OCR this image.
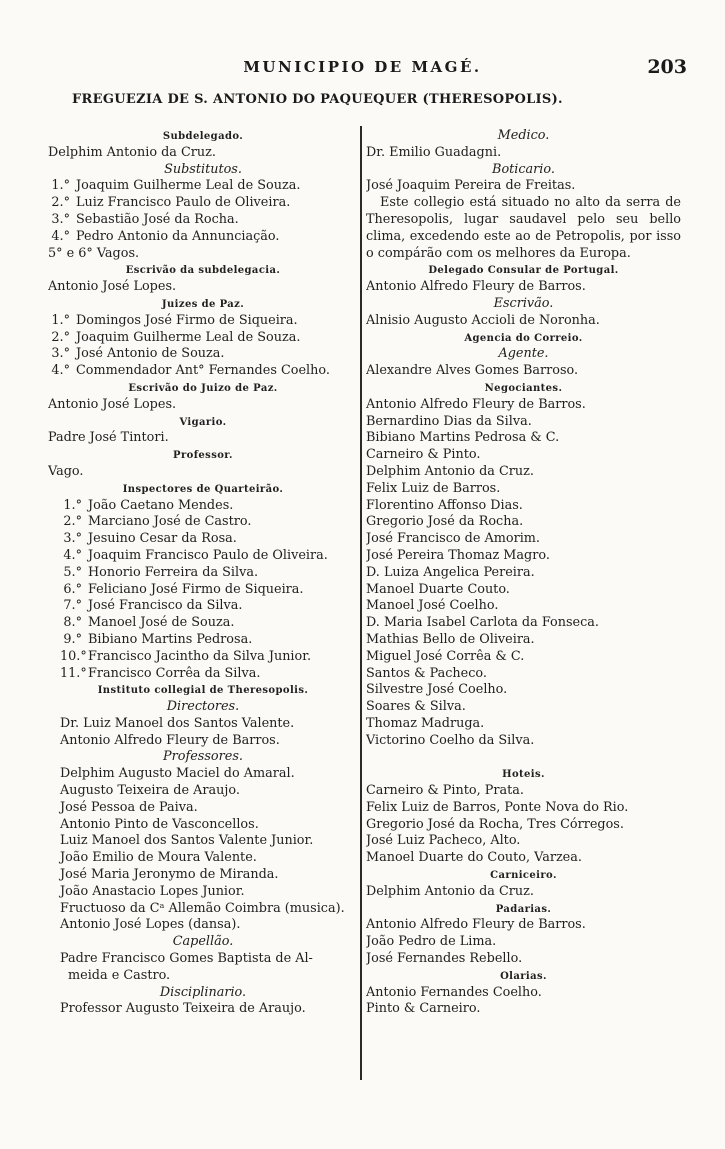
MUNICIPIO DE MAGÉ.	203
FREGUEZIA DE S. ANTONIO DO PAQUEQUER (THERESOPOLIS).
Subdelegado.
Delphim Antonio da Cruz.
Substitutos.
1.° Joaquim Guilherme Leal de Souza.
2.° Luiz Francisco Paulo de Oliveira.
3.° Sebastião José da Rocha.
4.° Pedro Antonio da Annunciação.
5° e 6° Vagos.
Escrivão da subdelegacia.
Antonio José Lopes.
Juizes de Paz.
1.° Domingos José Firmo de Siqueira.
2.° Joaquim Guilherme Leal de Souza.
3.° José Antonio de Souza.
4.° Commendador Ant° Fernandes Coelho.
Escrivão do Juizo de Paz.
Antonio José Lopes.
Vigario.
Padre José Tintori.
Professor.
Vago.
Inspectores de Quarteirão.
1.° João Caetano Mendes.
2.° Marciano José de Castro.
3.° Jesuino Cesar da Rosa.
4.° Joaquim Francisco Paulo de Oliveira.
5.° Honorio Ferreira da Silva.
6.° Feliciano José Firmo de Siqueira.
7.° José Francisco da Silva.
8.° Manoel José de Souza.
9.° Bibiano Martins Pedrosa.
10.°Francisco Jacintho da Silva Junior.
11.°Francisco Corrêa da Silva.
Instituto collegial de Theresopolis.
Directores.
Dr. Luiz Manoel dos Santos Valente.
Antonio Alfredo Fleury de Barros.
Professores.
Delphim Augusto Maciel do Amaral.
Augusto Teixeira de Araujo.
José Pessoa de Paiva.
Antonio Pinto de Vasconcellos.
Luiz Manoel dos Santos Valente Junior.
João Emilio de Moura Valente.
José Maria Jeronymo de Miranda.
João Anastacio Lopes Junior.
Fructuoso da Cᵃ Allemão Coimbra (musica).
Antonio José Lopes (dansa).
Capellão.
Padre Francisco Gomes Baptista de Al-
meida e Castro.
Disciplinario.
Professor Augusto Teixeira de Araujo.
Medico.
Dr. Emilio Guadagni.
Boticario.
José Joaquim Pereira de Freitas.
Este collegio está situado no alto da serra de Theresopolis, lugar saudavel pelo seu bello clima, excedendo este ao de Petropolis, por isso o compárão com os melhores da Europa.
Delegado Consular de Portugal.
Antonio Alfredo Fleury de Barros.
Escrivão.
Alnisio Augusto Accioli de Noronha.
Agencia do Correio.
Agente.
Alexandre Alves Gomes Barroso.
Negociantes.
Antonio Alfredo Fleury de Barros.
Bernardino Dias da Silva.
Bibiano Martins Pedrosa & C.
Carneiro & Pinto.
Delphim Antonio da Cruz.
Felix Luiz de Barros.
Florentino Affonso Dias.
Gregorio José da Rocha.
José Francisco de Amorim.
José Pereira Thomaz Magro.
D. Luiza Angelica Pereira.
Manoel Duarte Couto.
Manoel José Coelho.
D. Maria Isabel Carlota da Fonseca.
Mathias Bello de Oliveira.
Miguel José Corrêa & C.
Santos & Pacheco.
Silvestre José Coelho.
Soares & Silva.
Thomaz Madruga.
Victorino Coelho da Silva.
Hoteis.
Carneiro & Pinto, Prata.
Felix Luiz de Barros, Ponte Nova do Rio.
Gregorio José da Rocha, Tres Córregos.
José Luiz Pacheco, Alto.
Manoel Duarte do Couto, Varzea.
Carniceiro.
Delphim Antonio da Cruz.
Padarias.
Antonio Alfredo Fleury de Barros.
João Pedro de Lima.
José Fernandes Rebello.
Olarias.
Antonio Fernandes Coelho.
Pinto & Carneiro.
